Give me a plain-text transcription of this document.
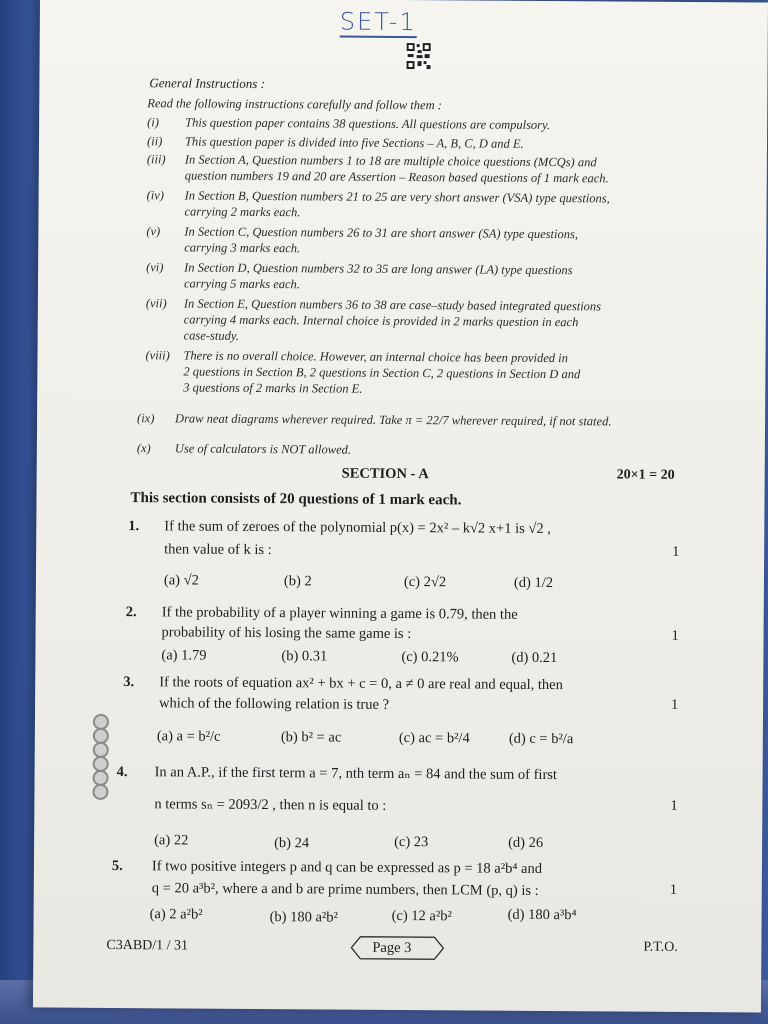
SET-1
General Instructions :
Read the following instructions carefully and follow them :
(i) This question paper contains 38 questions. All questions are compulsory.
(ii) This question paper is divided into five Sections – A, B, C, D and E.
(iii) In Section A, Question numbers 1 to 18 are multiple choice questions (MCQs) and
question numbers 19 and 20 are Assertion – Reason based questions of 1 mark each.
(iv) In Section B, Question numbers 21 to 25 are very short answer (VSA) type questions,
carrying 2 marks each.
(v) In Section C, Question numbers 26 to 31 are short answer (SA) type questions,
carrying 3 marks each.
(vi) In Section D, Question numbers 32 to 35 are long answer (LA) type questions
carrying 5 marks each.
(vii) In Section E, Question numbers 36 to 38 are case–study based integrated questions
carrying 4 marks each. Internal choice is provided in 2 marks question in each
case-study.
(viii) There is no overall choice. However, an internal choice has been provided in
2 questions in Section B, 2 questions in Section C, 2 questions in Section D and
3 questions of 2 marks in Section E.
(ix) Draw neat diagrams wherever required. Take π = 22/7 wherever required, if not stated.
(x) Use of calculators is NOT allowed.
SECTION - A	20×1 = 20
This section consists of 20 questions of 1 mark each.
1. If the sum of zeroes of the polynomial p(x) = 2x² – k√2 x+1 is √2 ,
then value of k is :	1
(a) √2	(b) 2	(c) 2√2	(d) 1/2
2. If the probability of a player winning a game is 0.79, then the
probability of his losing the same game is :	1
(a) 1.79	(b) 0.31	(c) 0.21%	(d) 0.21
3. If the roots of equation ax² + bx + c = 0, a ≠ 0 are real and equal, then
which of the following relation is true ?	1
(a) a = b²/c	(b) b² = ac	(c) ac = b²/4	(d) c = b²/a
4. In an A.P., if the first term a = 7, nth term aₙ = 84 and the sum of first
n terms sₙ = 2093/2 , then n is equal to :	1
(a) 22	(b) 24	(c) 23	(d) 26
5. If two positive integers p and q can be expressed as p = 18 a²b⁴ and
q = 20 a³b², where a and b are prime numbers, then LCM (p, q) is :	1
(a) 2 a²b²	(b) 180 a²b²	(c) 12 a²b²	(d) 180 a³b⁴
C3ABD/1 / 31	Page 3	P.T.O.
